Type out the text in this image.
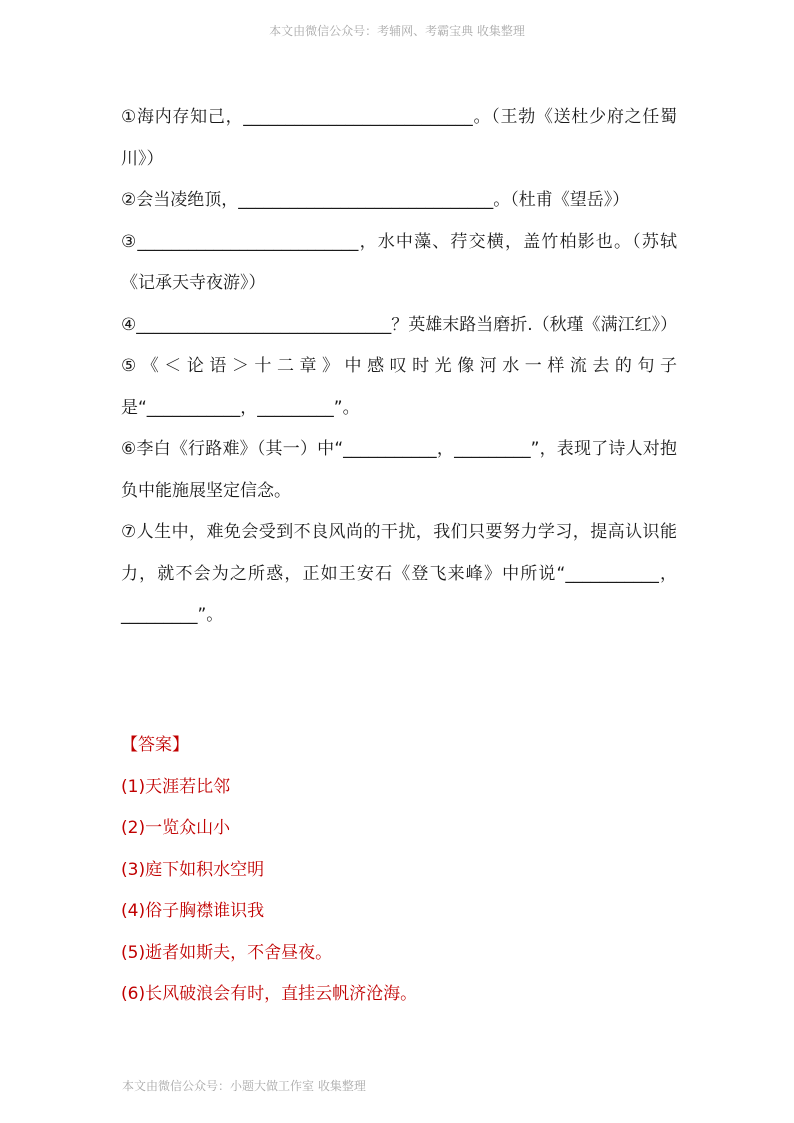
本文由微信公众号：考辅网、考霸宝典 收集整理

①海内存知己，___________________________。（王勃《送杜少府之任蜀川》）

②会当凌绝顶，______________________________。（杜甫《望岳》）

③__________________________，水中藻、荇交横，盖竹柏影也。（苏轼《记承天寺夜游》）

④______________________________？英雄末路当磨折.（秋瑾《满江红》）

⑤《＜论语＞十二章》中感叹时光像河水一样流去的句子是“___________，_________”。

⑥李白《行路难》（其一）中“___________，_________”，表现了诗人对抱负中能施展坚定信念。

⑦人生中，难免会受到不良风尚的干扰，我们只要努力学习，提高认识能力，就不会为之所惑，正如王安石《登飞来峰》中所说“___________，_________”。

【答案】

(1)天涯若比邻

(2)一览众山小

(3)庭下如积水空明

(4)俗子胸襟谁识我

(5)逝者如斯夫，不舍昼夜。

(6)长风破浪会有时，直挂云帆济沧海。

本文由微信公众号：小题大做工作室 收集整理
